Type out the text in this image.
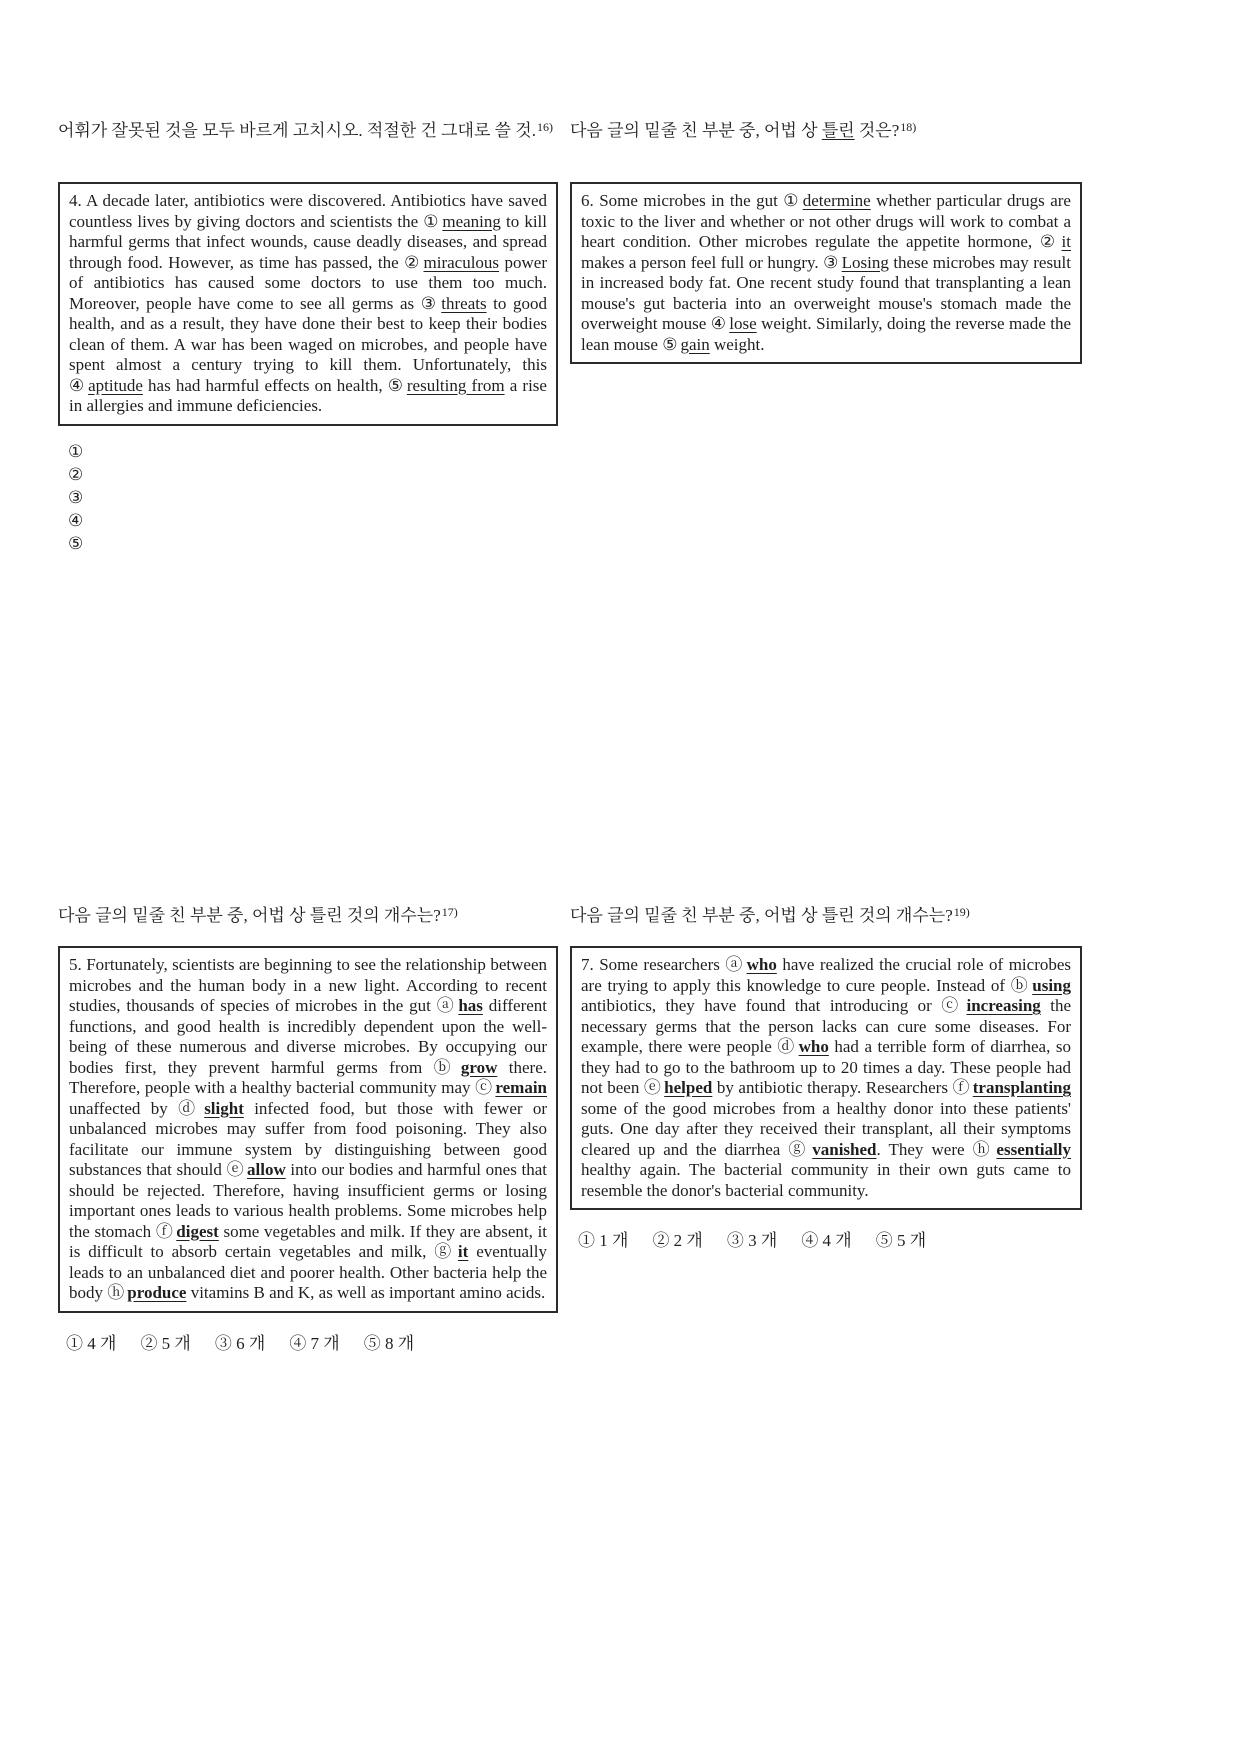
어휘가 잘못된 것을 모두 바르게 고치시오. 적절한 건 그대로 쓸 것.$^{16)}$
4. A decade later, antibiotics were discovered. Antibiotics have saved countless lives by giving doctors and scientists the ① meaning to kill harmful germs that infect wounds, cause deadly diseases, and spread through food. However, as time has passed, the ② miraculous power of antibiotics has caused some doctors to use them too much. Moreover, people have come to see all germs as ③ threats to good health, and as a result, they have done their best to keep their bodies clean of them. A war has been waged on microbes, and people have spent almost a century trying to kill them. Unfortunately, this ④ aptitude has had harmful effects on health, ⑤ resulting from a rise in allergies and immune deficiencies.
①
②
③
④
⑤
다음 글의 밑줄 친 부분 중, 어법 상 틀린 것은?$^{18)}$
6. Some microbes in the gut ① determine whether particular drugs are toxic to the liver and whether or not other drugs will work to combat a heart condition. Other microbes regulate the appetite hormone, ② it makes a person feel full or hungry. ③ Losing these microbes may result in increased body fat. One recent study found that transplanting a lean mouse's gut bacteria into an overweight mouse's stomach made the overweight mouse ④ lose weight. Similarly, doing the reverse made the lean mouse ⑤ gain weight.
다음 글의 밑줄 친 부분 중, 어법 상 틀린 것의 개수는?$^{17)}$
5. Fortunately, scientists are beginning to see the relationship between microbes and the human body in a new light. According to recent studies, thousands of species of microbes in the gut ⓐ has different functions, and good health is incredibly dependent upon the well-being of these numerous and diverse microbes. By occupying our bodies first, they prevent harmful germs from ⓑ grow there. Therefore, people with a healthy bacterial community may ⓒ remain unaffected by ⓓ slight infected food, but those with fewer or unbalanced microbes may suffer from food poisoning. They also facilitate our immune system by distinguishing between good substances that should ⓔ allow into our bodies and harmful ones that should be rejected. Therefore, having insufficient germs or losing important ones leads to various health problems. Some microbes help the stomach ⓕ digest some vegetables and milk. If they are absent, it is difficult to absorb certain vegetables and milk, ⓖ it eventually leads to an unbalanced diet and poorer health. Other bacteria help the body ⓗ produce vitamins B and K, as well as important amino acids.
① 4 개 ② 5 개 ③ 6 개 ④ 7 개 ⑤ 8 개
다음 글의 밑줄 친 부분 중, 어법 상 틀린 것의 개수는?$^{19)}$
7. Some researchers ⓐ who have realized the crucial role of microbes are trying to apply this knowledge to cure people. Instead of ⓑ using antibiotics, they have found that introducing or ⓒ increasing the necessary germs that the person lacks can cure some diseases. For example, there were people ⓓ who had a terrible form of diarrhea, so they had to go to the bathroom up to 20 times a day. These people had not been ⓔ helped by antibiotic therapy. Researchers ⓕ transplanting some of the good microbes from a healthy donor into these patients' guts. One day after they received their transplant, all their symptoms cleared up and the diarrhea ⓖ vanished. They were ⓗ essentially healthy again. The bacterial community in their own guts came to resemble the donor's bacterial community.
① 1 개 ② 2 개 ③ 3 개 ④ 4 개 ⑤ 5 개
